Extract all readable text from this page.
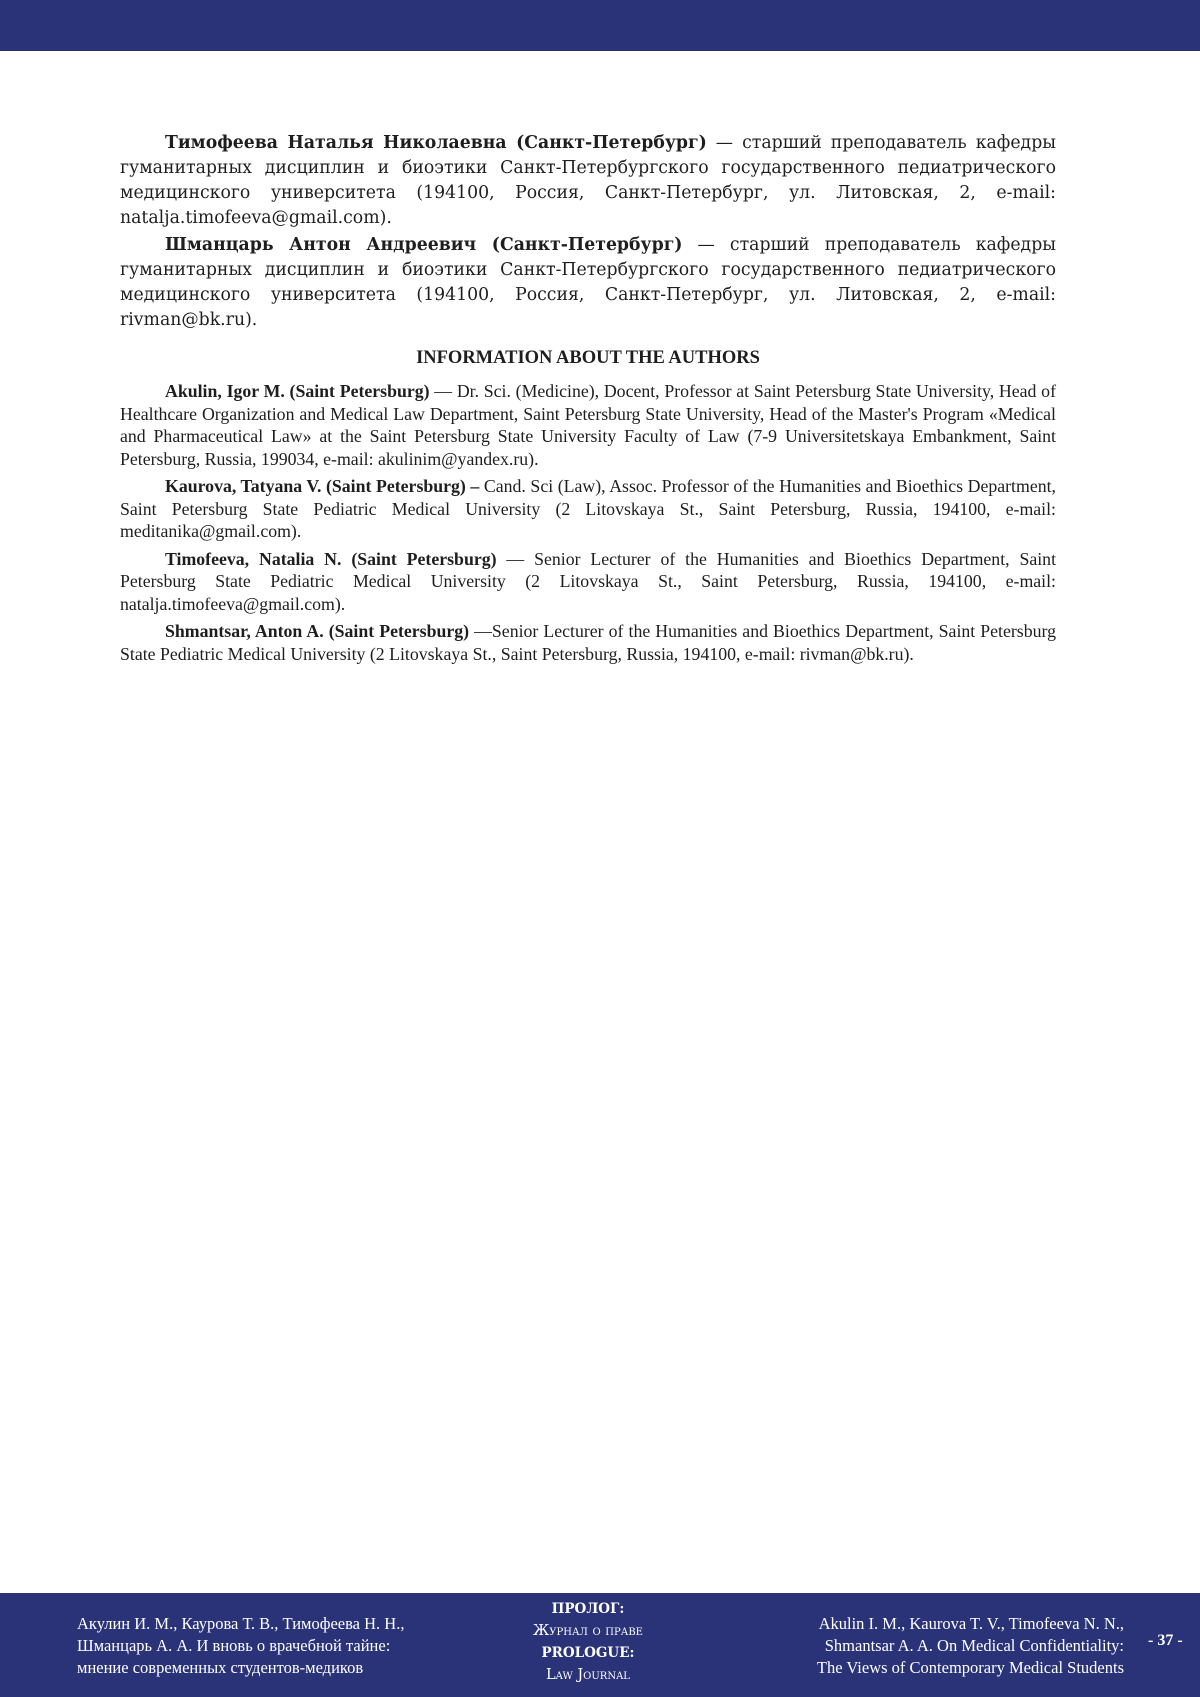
Тимофеева Наталья Николаевна (Санкт-Петербург) — старший преподаватель кафедры гуманитарных дисциплин и биоэтики Санкт-Петербургского государственного педиатрического медицинского университета (194100, Россия, Санкт-Петербург, ул. Литовская, 2, e-mail: natalja.timofeeva@gmail.com).

Шманцарь Антон Андреевич (Санкт-Петербург) — старший преподаватель кафедры гуманитарных дисциплин и биоэтики Санкт-Петербургского государственного педиатрического медицинского университета (194100, Россия, Санкт-Петербург, ул. Литовская, 2, e-mail: rivman@bk.ru).

INFORMATION ABOUT THE AUTHORS

Akulin, Igor M. (Saint Petersburg) — Dr. Sci. (Medicine), Docent, Professor at Saint Petersburg State University, Head of Healthcare Organization and Medical Law Department, Saint Petersburg State University, Head of the Master's Program «Medical and Pharmaceutical Law» at the Saint Petersburg State University Faculty of Law (7-9 Universitetskaya Embankment, Saint Petersburg, Russia, 199034, e-mail: akulinim@yandex.ru).

Kaurova, Tatyana V. (Saint Petersburg) – Cand. Sci (Law), Assoc. Professor of the Humanities and Bioethics Department, Saint Petersburg State Pediatric Medical University (2 Litovskaya St., Saint Petersburg, Russia, 194100, e-mail: meditanika@gmail.com).

Timofeeva, Natalia N. (Saint Petersburg) — Senior Lecturer of the Humanities and Bioethics Department, Saint Petersburg State Pediatric Medical University (2 Litovskaya St., Saint Petersburg, Russia, 194100, e-mail: natalja.timofeeva@gmail.com).

Shmantsar, Anton A. (Saint Petersburg) —Senior Lecturer of the Humanities and Bioethics Department, Saint Petersburg State Pediatric Medical University (2 Litovskaya St., Saint Petersburg, Russia, 194100, e-mail: rivman@bk.ru).

Акулин И. М., Каурова Т. В., Тимофеева Н. Н.,
Шманцарь А. А. И вновь о врачебной тайне:
мнение современных студентов-медиков
ПРОЛОГ:
Журнал о праве
PROLOGUE:
Law Journal
Akulin I. M., Kaurova T. V., Timofeeva N. N.,
Shmantsar A. A. On Medical Confidentiality:
The Views of Contemporary Medical Students
- 37 -
